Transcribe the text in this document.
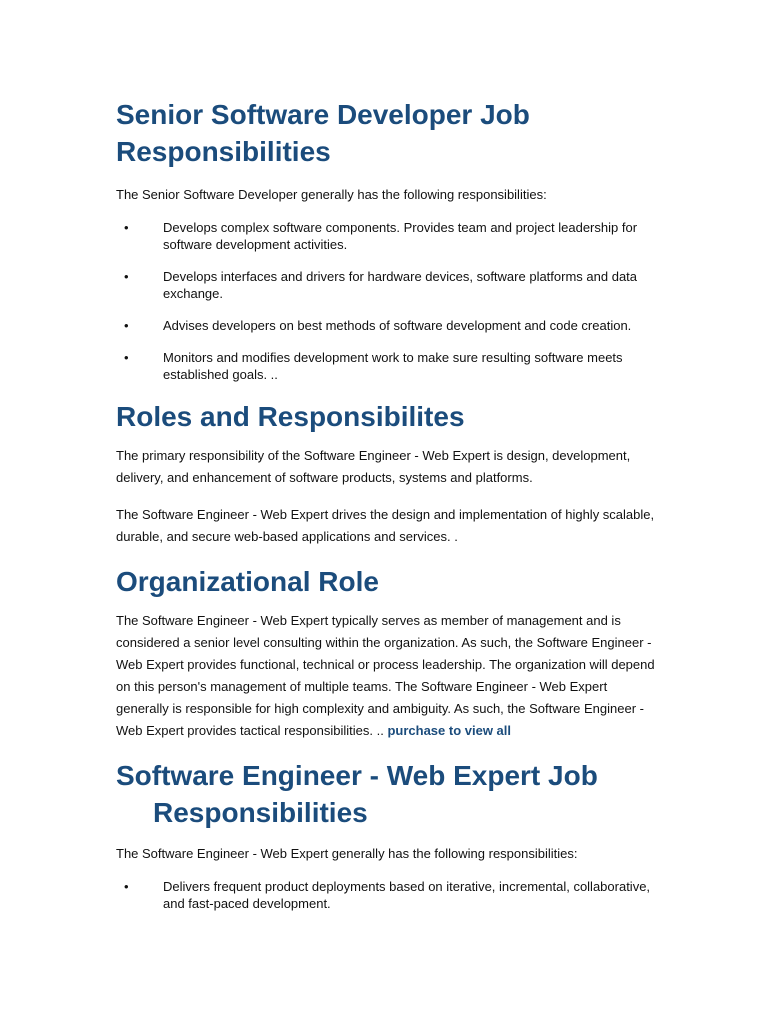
Senior Software Developer Job Responsibilities

The Senior Software Developer generally has the following responsibilities:

•	Develops complex software components. Provides team and project leadership for software development activities.
•	Develops interfaces and drivers for hardware devices, software platforms and data exchange.
•	Advises developers on best methods of software development and code creation.
•	Monitors and modifies development work to make sure resulting software meets established goals. ..
Roles and Responsibilites

The primary responsibility of the Software Engineer - Web Expert is design, development, delivery, and enhancement of software products, systems and platforms.

The Software Engineer - Web Expert drives the design and implementation of highly scalable, durable, and secure web-based applications and services. .

Organizational Role

The Software Engineer - Web Expert typically serves as member of management and is considered a senior level consulting within the organization. As such, the Software Engineer - Web Expert provides functional, technical or process leadership. The organization will depend on this person's management of multiple teams. The Software Engineer - Web Expert generally is responsible for high complexity and ambiguity. As such, the Software Engineer - Web Expert provides tactical responsibilities. .. purchase to view all

Software Engineer - Web Expert Job
Responsibilities

The Software Engineer - Web Expert generally has the following responsibilities:

•	Delivers frequent product deployments based on iterative, incremental, collaborative, and fast-paced development.
